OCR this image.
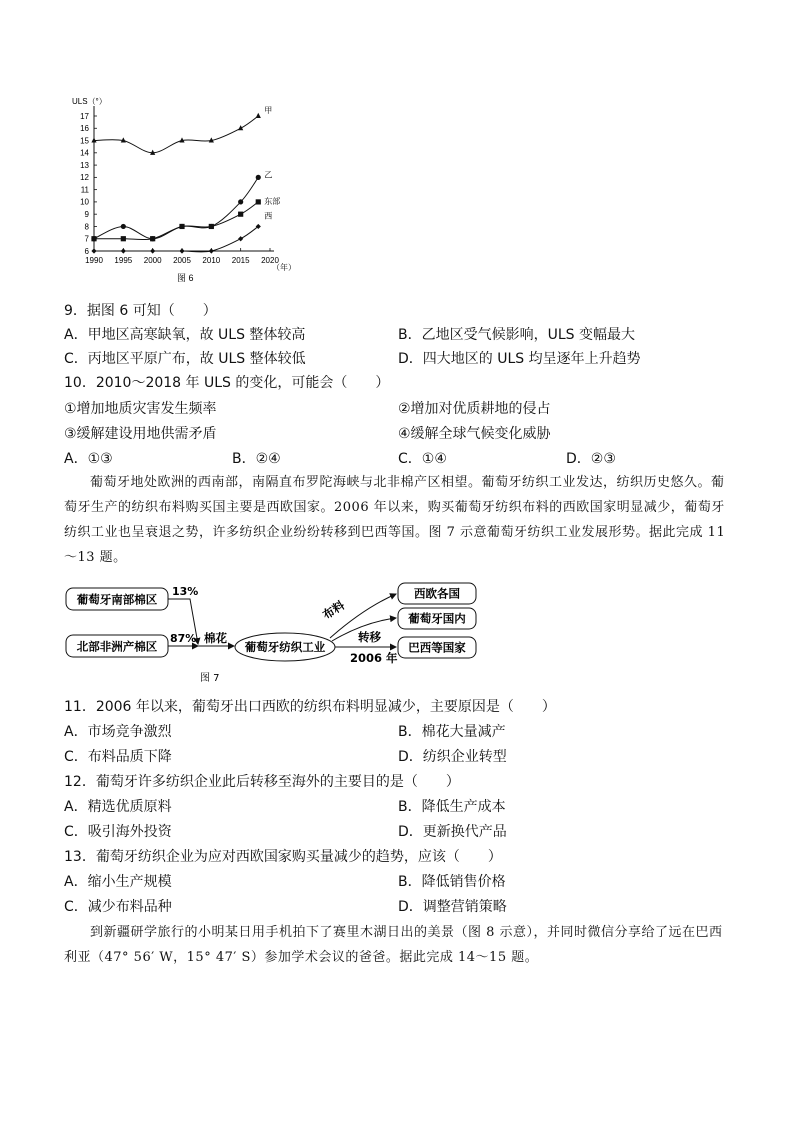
ULS（°）
6
7
8
9
10
11
12
13
14
15
16
17
1990 1995 2000 2005 2010 2015 2020
甲
乙
东部
西
（年）
图 6
9．据图 6 可知（　　）
A．甲地区高寒缺氧，故 ULS 整体较高	B．乙地区受气候影响，ULS 变幅最大
C．丙地区平原广布，故 ULS 整体较低	D．四大地区的 ULS 均呈逐年上升趋势
10．2010～2018 年 ULS 的变化，可能会（　　）
①增加地质灾害发生频率	②增加对优质耕地的侵占
③缓解建设用地供需矛盾	④缓解全球气候变化威胁
A．①③	B．②④	C．①④	D．②③
葡萄牙地处欧洲的西南部，南隔直布罗陀海峡与北非棉产区相望。葡萄牙纺织工业发达，纺织历史悠久。葡萄牙生产的纺织布料购买国主要是西欧国家。2006 年以来，购买葡萄牙纺织布料的西欧国家明显减少，葡萄牙纺织工业也呈衰退之势，许多纺织企业纷纷转移到巴西等国。图 7 示意葡萄牙纺织工业发展形势。据此完成 11～13 题。
葡萄牙南部棉区
北部非洲产棉区
13%
87% 棉花
葡萄牙纺织工业
布料
转移
2006 年
西欧各国
葡萄牙国内
巴西等国家
图 7
11．2006 年以来，葡萄牙出口西欧的纺织布料明显减少，主要原因是（　　）
A．市场竞争激烈	B．棉花大量减产
C．布料品质下降	D．纺织企业转型
12．葡萄牙许多纺织企业此后转移至海外的主要目的是（　　）
A．精选优质原料	B．降低生产成本
C．吸引海外投资	D．更新换代产品
13．葡萄牙纺织企业为应对西欧国家购买量减少的趋势，应该（　　）
A．缩小生产规模	B．降低销售价格
C．减少布料品种	D．调整营销策略
到新疆研学旅行的小明某日用手机拍下了赛里木湖日出的美景（图 8 示意），并同时微信分享给了远在巴西利亚（47° 56′ W，15° 47′ S）参加学术会议的爸爸。据此完成 14～15 题。
